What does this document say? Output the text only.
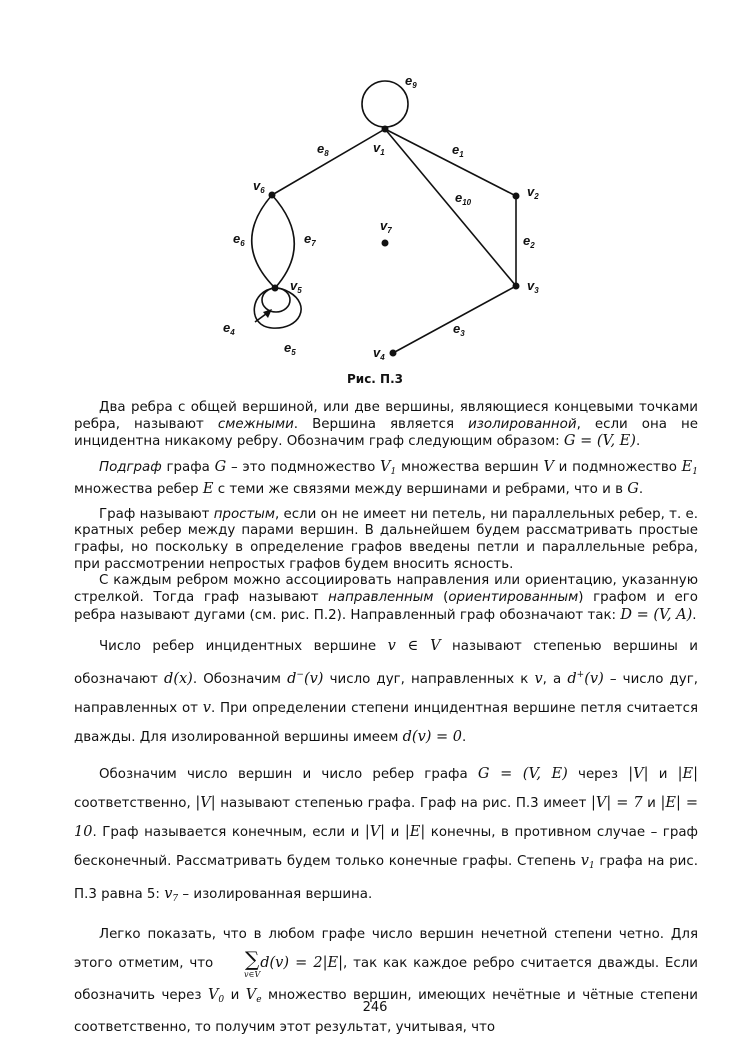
$v_1$
$v_2$
$v_3$
$v_4$
$v_5$
$v_6$
$v_7$
$e_1$
$e_2$
$e_3$
$e_4$
$e_5$
$e_6$	$e_7$
$e_8$
$e_9$
$e_{10}$
Рис. П.3

Два ребра с общей вершиной, или две вершины, являющиеся концевыми точками ребра, называют смежными. Вершина является изолированной, если она не инцидентна никакому ребру. Обозначим граф следующим образом: G = (V, E).

Подграф графа G – это подмножество $V_1$ множества вершин V и подмножество $E_1$ множества ребер E с теми же связями между вершинами и ребрами, что и в G.

Граф называют простым, если он не имеет ни петель, ни параллельных ребер, т. е. кратных ребер между парами вершин. В дальнейшем будем рассматривать простые графы, но поскольку в определение графов введены петли и параллельные ребра, при рассмотрении непростых графов будем вносить ясность.

С каждым ребром можно ассоциировать направления или ориентацию, указанную стрелкой. Тогда граф называют направленным (ориентированным) графом и его ребра называют дугами (см. рис. П.2). Направленный граф обозначают так: D = (V, A).

Число ребер инцидентных вершине v ∈ V называют степенью вершины и обозначают d(x). Обозначим d−(v) число дуг, направленных к v, а d+(v) – число дуг, направленных от v. При определении степени инцидентная вершине петля считается дважды. Для изолированной вершины имеем d(v) = 0.

Обозначим число вершин и число ребер графа G = (V, E) через |V| и |E| соответственно, |V| называют степенью графа. Граф на рис. П.3 имеет |V| = 7 и |E| = 10. Граф называется конечным, если и |V| и |E| конечны, в противном случае – граф бесконечный. Рассматривать будем только конечные графы. Степень $v_1$ графа на рис. П.3 равна 5: $v_7$ – изолированная вершина.

Легко показать, что в любом графе число вершин нечетной степени четно. Для этого отметим, что	∑
v∈V
d(v) = 2|E|, так как каждое ребро считается дважды. Если обозначить через $V_0$ и $V_e$ множество вершин, имеющих нечётные и чётные степени соответственно, то получим этот результат, учитывая, что

246
